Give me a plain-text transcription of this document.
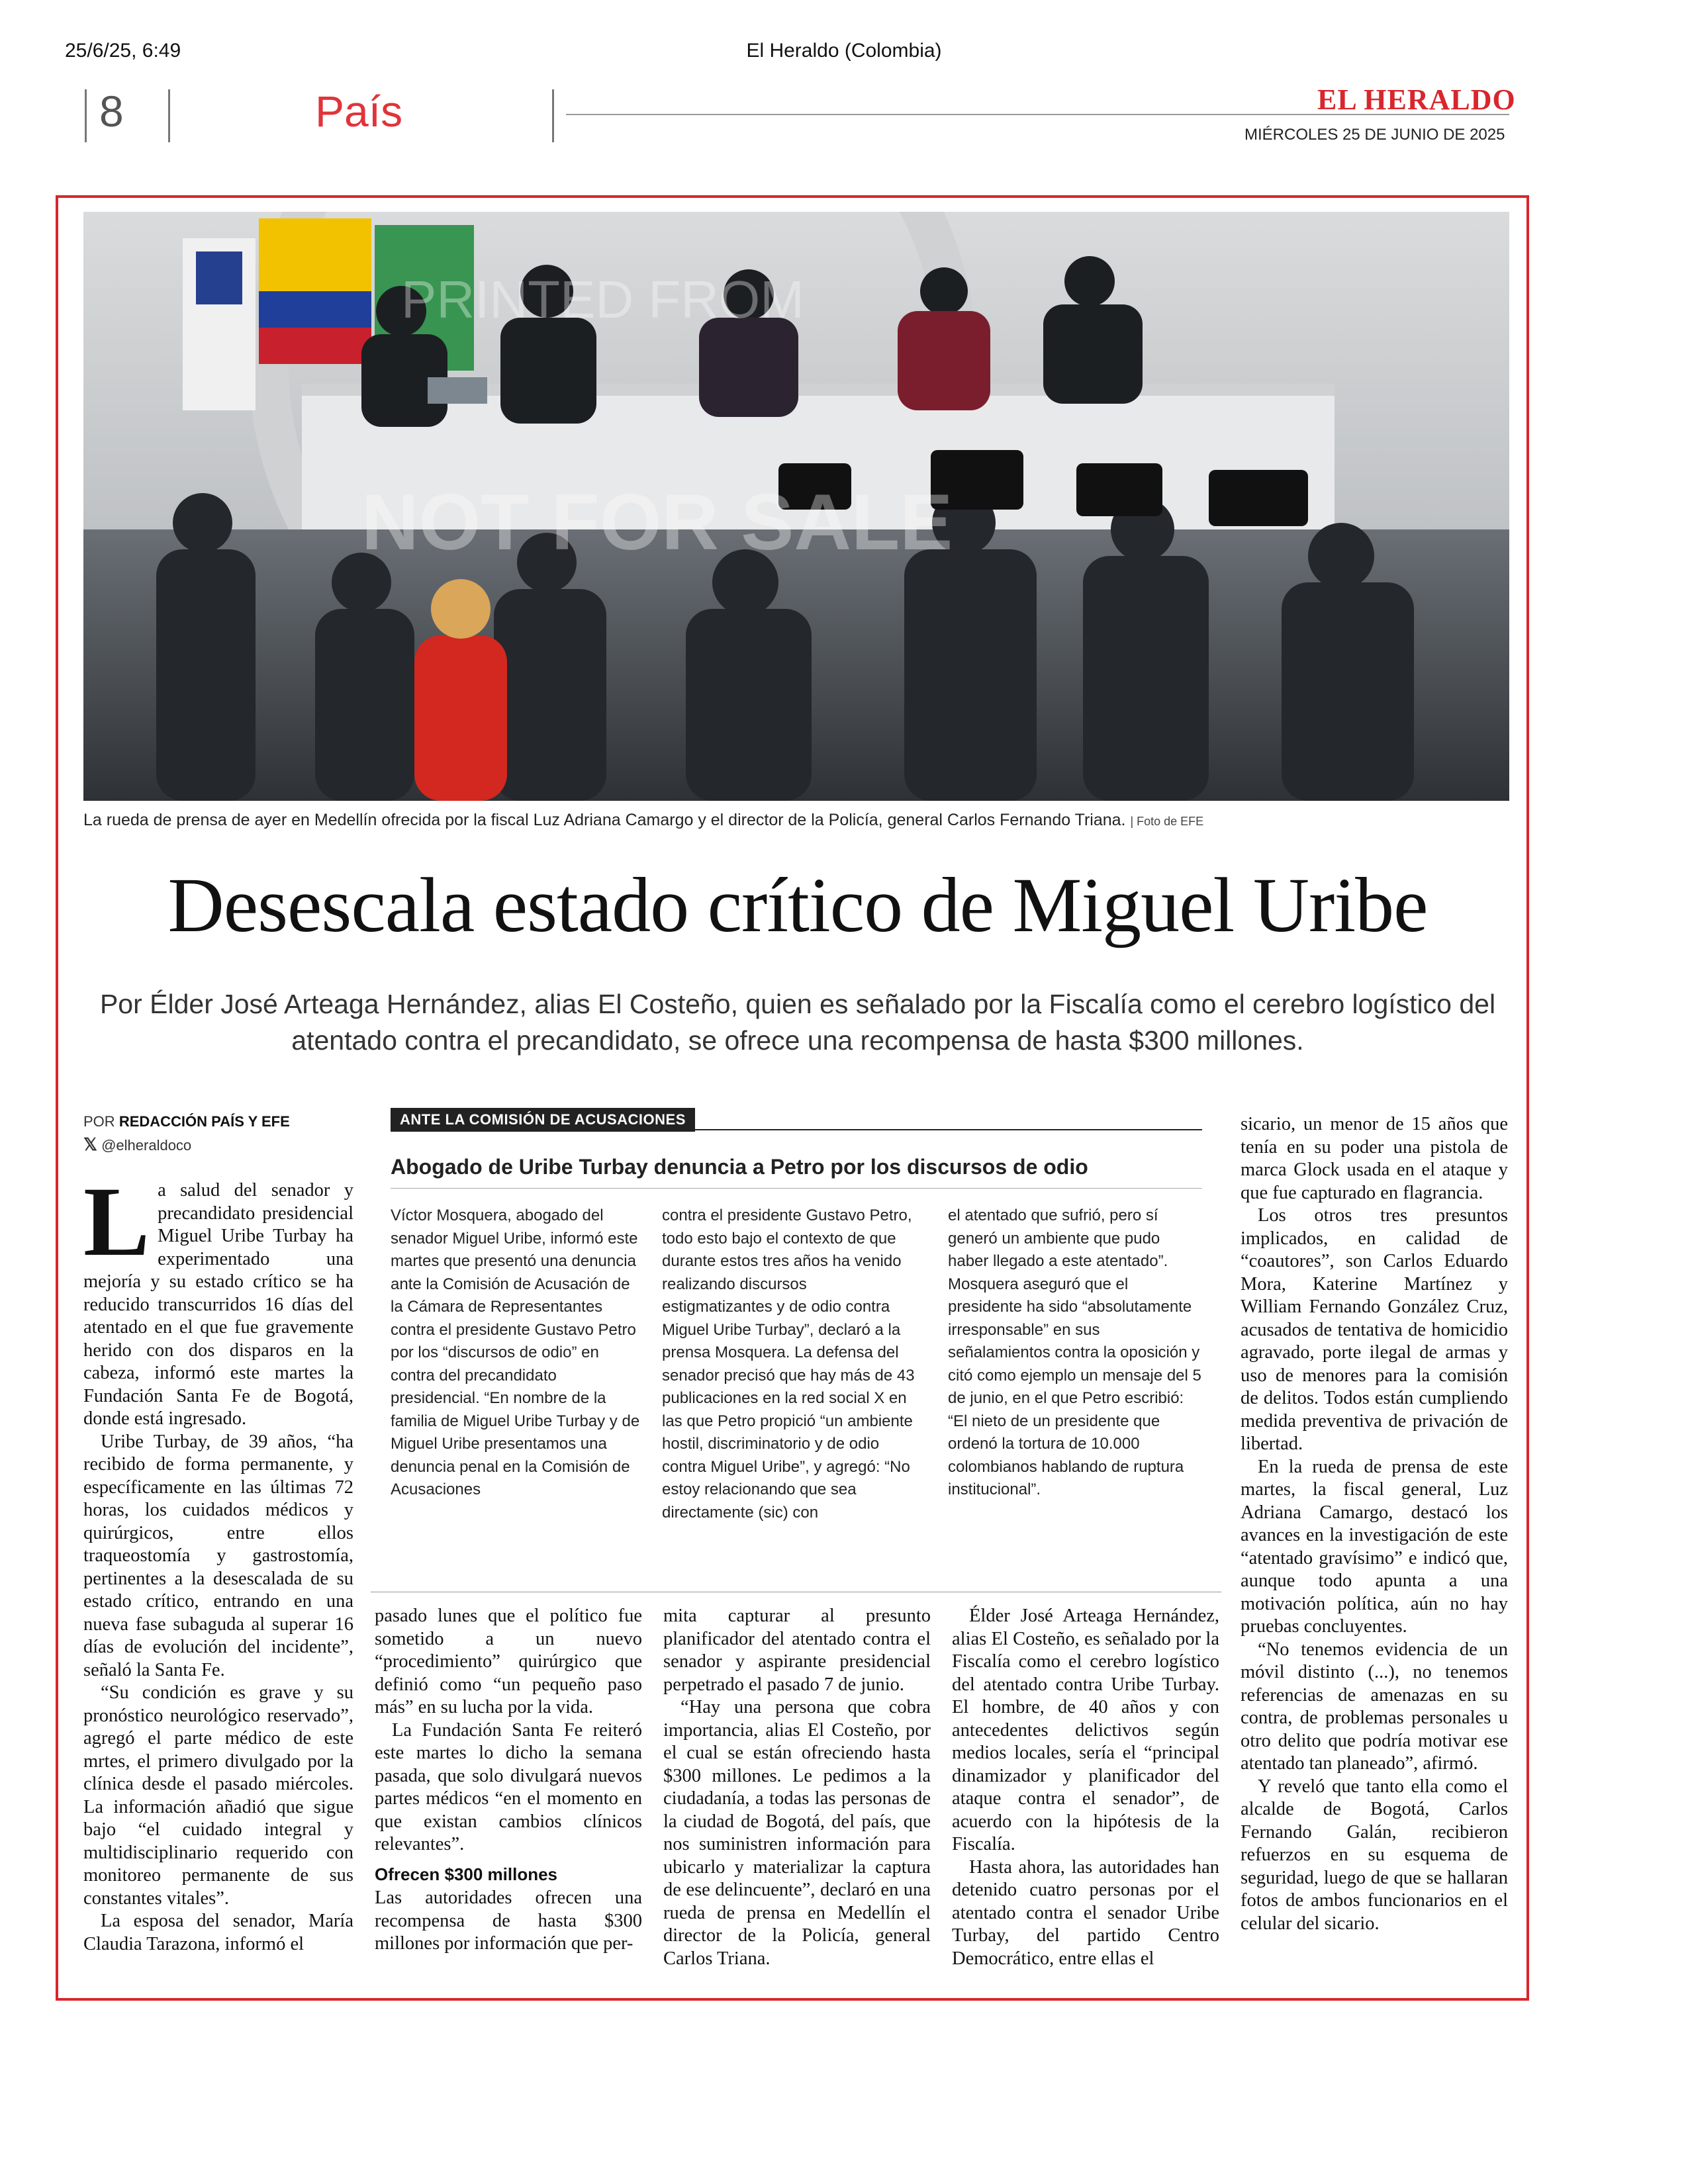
25/6/25, 6:49	El Heraldo (Colombia)
8	País	EL HERALDO
MIÉRCOLES 25 DE JUNIO DE 2025
PRINTED FROM
NOT FOR SALE
La rueda de prensa de ayer en Medellín ofrecida por la fiscal Luz Adriana Camargo y el director de la Policía, general Carlos Fernando Triana. | Foto de EFE
Desescala estado crítico de Miguel Uribe
Por Élder José Arteaga Hernández, alias El Costeño, quien es señalado por la Fiscalía como el cerebro logístico del atentado contra el precandidato, se ofrece una recompensa de hasta $300 millones.
POR REDACCIÓN PAÍS Y EFE
𝕏 @elheraldoco
L a salud del senador y precandidato presidencial Miguel Uribe Turbay ha experimentado una mejoría y su estado crítico se ha reducido transcurridos 16 días del atentado en el que fue gravemente herido con dos disparos en la cabeza, informó este martes la Fundación Santa Fe de Bogotá, donde está ingresado.

Uribe Turbay, de 39 años, “ha recibido de forma permanente, y específicamente en las últimas 72 horas, los cuidados médicos y quirúrgicos, entre ellos traqueostomía y gastrostomía, pertinentes a la desescalada de su estado crítico, entrando en una nueva fase subaguda al superar 16 días de evolución del incidente”, señaló la Santa Fe.

“Su condición es grave y su pronóstico neurológico reservado”, agregó el parte médico de este mrtes, el primero divulgado por la clínica desde el pasado miércoles. La información añadió que sigue bajo “el cuidado integral y multidisciplinario requerido con monitoreo permanente de sus constantes vitales”.

La esposa del senador, María Claudia Tarazona, informó el

ANTE LA COMISIÓN DE ACUSACIONES
Abogado de Uribe Turbay denuncia a Petro por los discursos de odio

Víctor Mosquera, abogado del senador Miguel Uribe, informó este martes que presentó una denuncia ante la Comisión de Acusación de la Cámara de Representantes contra el presidente Gustavo Petro por los “discursos de odio” en contra del precandidato presidencial. “En nombre de la familia de Miguel Uribe Turbay y de Miguel Uribe presentamos una denuncia penal en la Comisión de Acusaciones

contra el presidente Gustavo Petro, todo esto bajo el contexto de que durante estos tres años ha venido realizando discursos estigmatizantes y de odio contra Miguel Uribe Turbay”, declaró a la prensa Mosquera. La defensa del senador precisó que hay más de 43 publicaciones en la red social X en las que Petro propició “un ambiente hostil, discriminatorio y de odio contra Miguel Uribe”, y agregó: “No estoy relacionando que sea directamente (sic) con

el atentado que sufrió, pero sí generó un ambiente que pudo haber llegado a este atentado”. Mosquera aseguró que el presidente ha sido “absolutamente irresponsable” en sus señalamientos contra la oposición y citó como ejemplo un mensaje del 5 de junio, en el que Petro escribió: “El nieto de un presidente que ordenó la tortura de 10.000 colombianos hablando de ruptura institucional”.

pasado lunes que el político fue sometido a un nuevo “procedimiento” quirúrgico que definió como “un pequeño paso más” en su lucha por la vida.

La Fundación Santa Fe reiteró este martes lo dicho la semana pasada, que solo divulgará nuevos partes médicos “en el momento en que existan cambios clínicos relevantes”.

Ofrecen $300 millones

Las autoridades ofrecen una recompensa de hasta $300 millones por información que per-

mita capturar al presunto planificador del atentado contra el senador y aspirante presidencial perpetrado el pasado 7 de junio.

“Hay una persona que cobra importancia, alias El Costeño, por el cual se están ofreciendo hasta $300 millones. Le pedimos a la ciudadanía, a todas las personas de la ciudad de Bogotá, del país, que nos suministren información para ubicarlo y materializar la captura de ese delincuente”, declaró en una rueda de prensa en Medellín el director de la Policía, general Carlos Triana.

Élder José Arteaga Hernández, alias El Costeño, es señalado por la Fiscalía como el cerebro logístico del atentado contra Uribe Turbay. El hombre, de 40 años y con antecedentes delictivos según medios locales, sería el “principal dinamizador y planificador del ataque contra el senador”, de acuerdo con la hipótesis de la Fiscalía.

Hasta ahora, las autoridades han detenido cuatro personas por el atentado contra el senador Uribe Turbay, del partido Centro Democrático, entre ellas el

sicario, un menor de 15 años que tenía en su poder una pistola de marca Glock usada en el ataque y que fue capturado en flagrancia.

Los otros tres presuntos implicados, en calidad de “coautores”, son Carlos Eduardo Mora, Katerine Martínez y William Fernando González Cruz, acusados de tentativa de homicidio agravado, porte ilegal de armas y uso de menores para la comisión de delitos. Todos están cumpliendo medida preventiva de privación de libertad.

En la rueda de prensa de este martes, la fiscal general, Luz Adriana Camargo, destacó los avances en la investigación de este “atentado gravísimo” e indicó que, aunque todo apunta a una motivación política, aún no hay pruebas concluyentes.

“No tenemos evidencia de un móvil distinto (...), no tenemos referencias de amenazas en su contra, de problemas personales u otro delito que podría motivar ese atentado tan planeado”, afirmó.

Y reveló que tanto ella como el alcalde de Bogotá, Carlos Fernando Galán, recibieron refuerzos en su esquema de seguridad, luego de que se hallaran fotos de ambos funcionarios en el celular del sicario.
